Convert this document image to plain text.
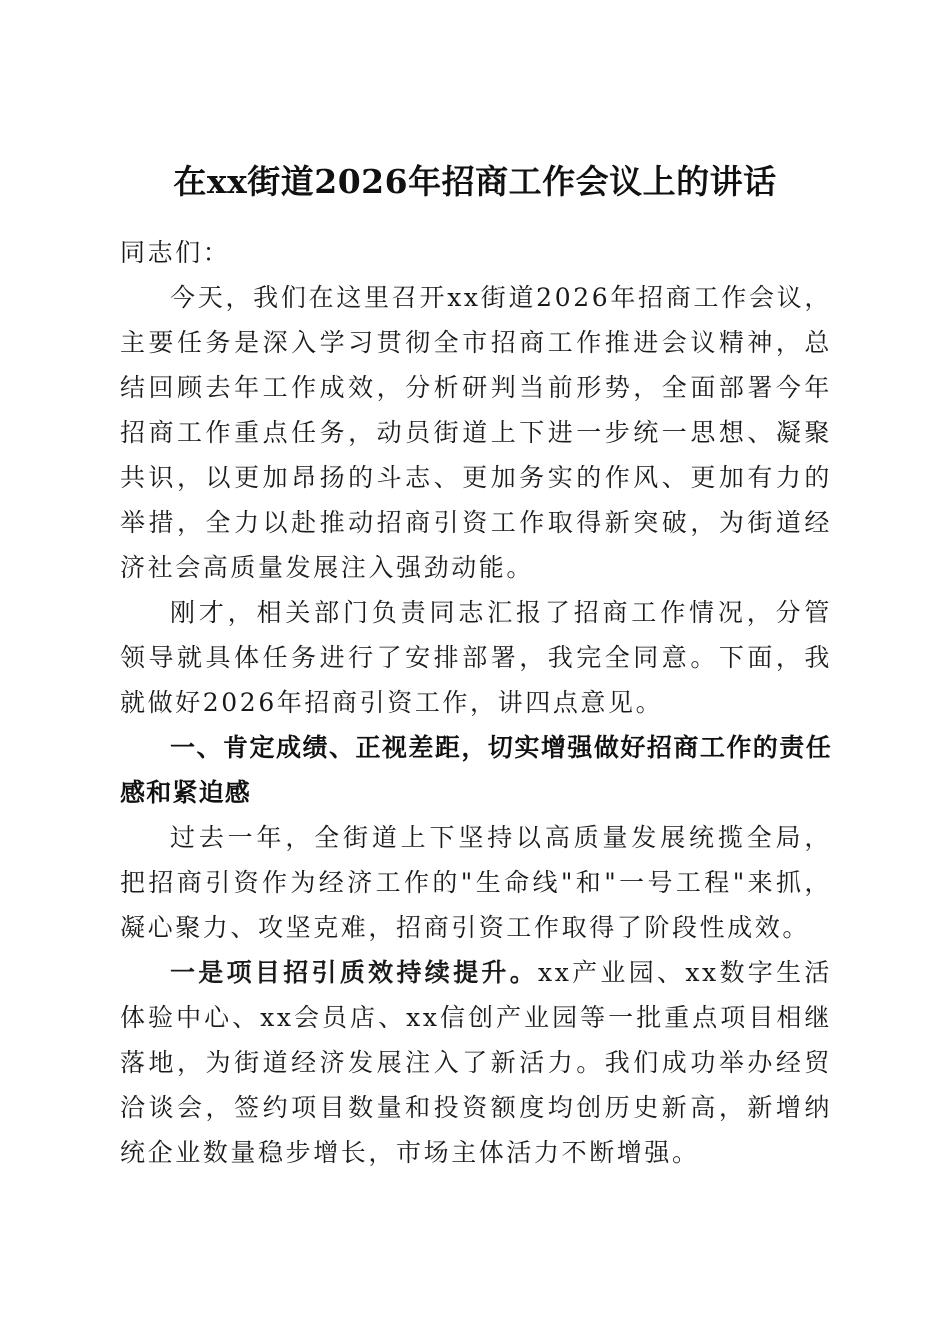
在xx街道2026年招商工作会议上的讲话

同志们：

今天，我们在这里召开xx街道2026年招商工作会议，主要任务是深入学习贯彻全市招商工作推进会议精神，总结回顾去年工作成效，分析研判当前形势，全面部署今年招商工作重点任务，动员街道上下进一步统一思想、凝聚共识，以更加昂扬的斗志、更加务实的作风、更加有力的举措，全力以赴推动招商引资工作取得新突破，为街道经济社会高质量发展注入强劲动能。

刚才，相关部门负责同志汇报了招商工作情况，分管领导就具体任务进行了安排部署，我完全同意。下面，我就做好2026年招商引资工作，讲四点意见。

一、肯定成绩、正视差距，切实增强做好招商工作的责任感和紧迫感

过去一年，全街道上下坚持以高质量发展统揽全局，把招商引资作为经济工作的"生命线"和"一号工程"来抓，凝心聚力、攻坚克难，招商引资工作取得了阶段性成效。

一是项目招引质效持续提升。xx产业园、xx数字生活体验中心、xx会员店、xx信创产业园等一批重点项目相继落地，为街道经济发展注入了新活力。我们成功举办经贸洽谈会，签约项目数量和投资额度均创历史新高，新增纳统企业数量稳步增长，市场主体活力不断增强。
